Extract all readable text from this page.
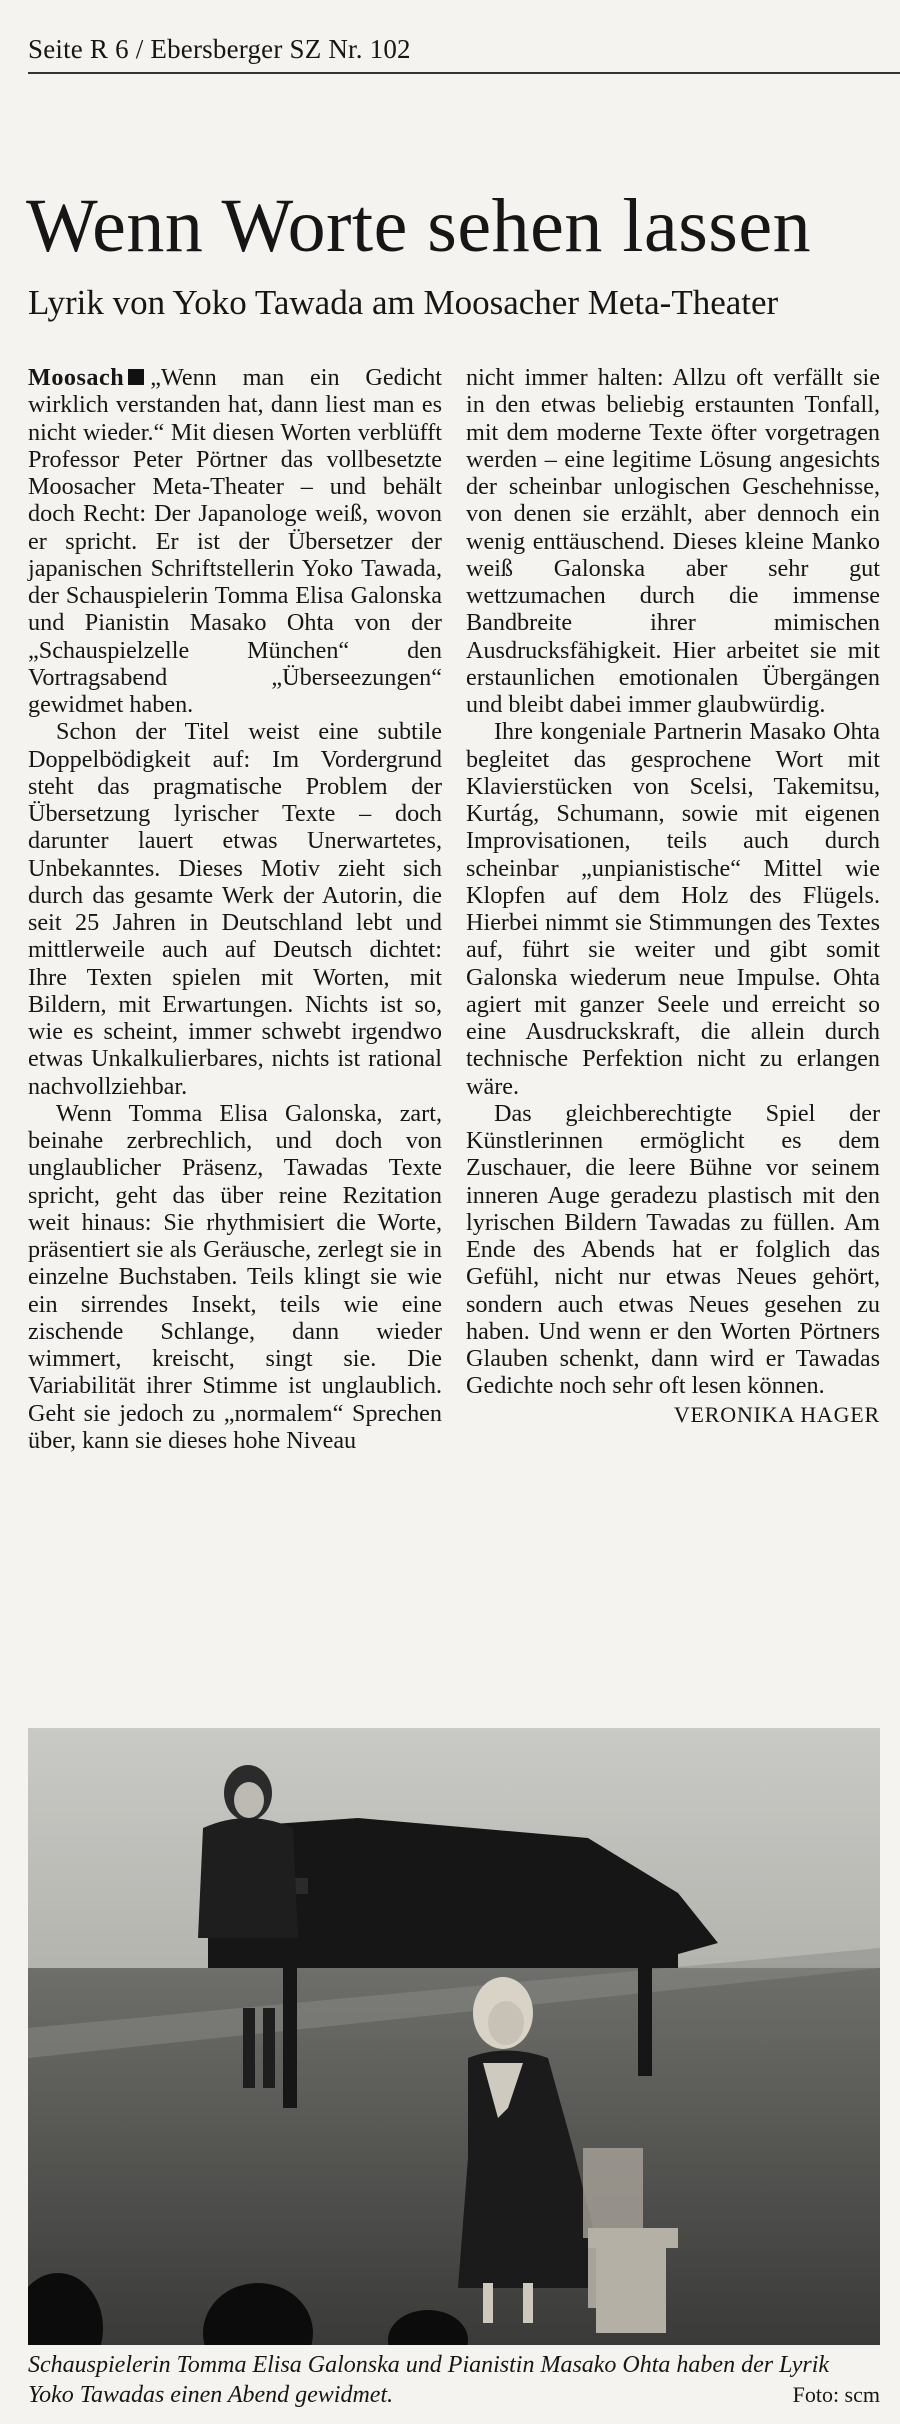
Seite R 6 / Ebersberger SZ Nr. 102
Wenn Worte sehen lassen
Lyrik von Yoko Tawada am Moosacher Meta-Theater

Moosach „Wenn man ein Gedicht wirklich verstanden hat, dann liest man es nicht wieder.“ Mit diesen Worten verblüfft Professor Peter Pörtner das vollbesetzte Moosacher Meta-Theater – und behält doch Recht: Der Japanologe weiß, wovon er spricht. Er ist der Übersetzer der japanischen Schriftstellerin Yoko Tawada, der Schauspielerin Tomma Elisa Galonska und Pianistin Masako Ohta von der „Schauspielzelle München“ den Vortragsabend „Überseezungen“ gewidmet haben.

Schon der Titel weist eine subtile Doppelbödigkeit auf: Im Vordergrund steht das pragmatische Problem der Übersetzung lyrischer Texte – doch darunter lauert etwas Unerwartetes, Unbekanntes. Dieses Motiv zieht sich durch das gesamte Werk der Autorin, die seit 25 Jahren in Deutschland lebt und mittlerweile auch auf Deutsch dichtet: Ihre Texten spielen mit Worten, mit Bildern, mit Erwartungen. Nichts ist so, wie es scheint, immer schwebt irgendwo etwas Unkalkulierbares, nichts ist rational nachvollziehbar.

Wenn Tomma Elisa Galonska, zart, beinahe zerbrechlich, und doch von unglaublicher Präsenz, Tawadas Texte spricht, geht das über reine Rezitation weit hinaus: Sie rhythmisiert die Worte, präsentiert sie als Geräusche, zerlegt sie in einzelne Buchstaben. Teils klingt sie wie ein sirrendes Insekt, teils wie eine zischende Schlange, dann wieder wimmert, kreischt, singt sie. Die Variabilität ihrer Stimme ist unglaublich. Geht sie jedoch zu „normalem“ Sprechen über, kann sie dieses hohe Niveau

nicht immer halten: Allzu oft verfällt sie in den etwas beliebig erstaunten Tonfall, mit dem moderne Texte öfter vorgetragen werden – eine legitime Lösung angesichts der scheinbar unlogischen Geschehnisse, von denen sie erzählt, aber dennoch ein wenig enttäuschend. Dieses kleine Manko weiß Galonska aber sehr gut wettzumachen durch die immense Bandbreite ihrer mimischen Ausdrucksfähigkeit. Hier arbeitet sie mit erstaunlichen emotionalen Übergängen und bleibt dabei immer glaubwürdig.

Ihre kongeniale Partnerin Masako Ohta begleitet das gesprochene Wort mit Klavierstücken von Scelsi, Takemitsu, Kurtág, Schumann, sowie mit eigenen Improvisationen, teils auch durch scheinbar „unpianistische“ Mittel wie Klopfen auf dem Holz des Flügels. Hierbei nimmt sie Stimmungen des Textes auf, führt sie weiter und gibt somit Galonska wiederum neue Impulse. Ohta agiert mit ganzer Seele und erreicht so eine Ausdruckskraft, die allein durch technische Perfektion nicht zu erlangen wäre.

Das gleichberechtigte Spiel der Künstlerinnen ermöglicht es dem Zuschauer, die leere Bühne vor seinem inneren Auge geradezu plastisch mit den lyrischen Bildern Tawadas zu füllen. Am Ende des Abends hat er folglich das Gefühl, nicht nur etwas Neues gehört, sondern auch etwas Neues gesehen zu haben. Und wenn er den Worten Pörtners Glauben schenkt, dann wird er Tawadas Gedichte noch sehr oft lesen können.

VERONIKA HAGER
Schauspielerin Tomma Elisa Galonska und Pianistin Masako Ohta haben der Lyrik Yoko Tawadas einen Abend gewidmet.	Foto: scm
